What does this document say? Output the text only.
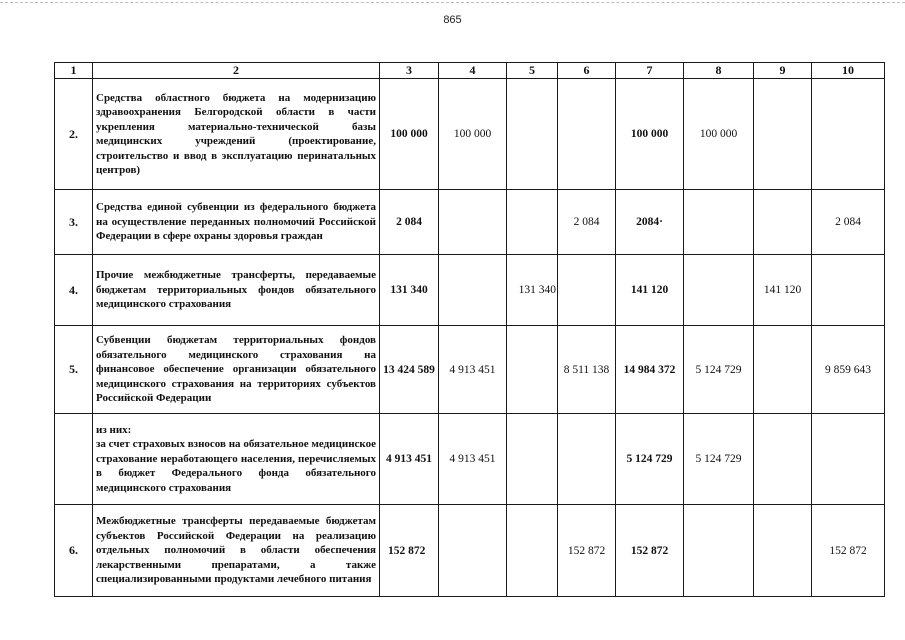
865
1	2	3	4	5	6	7	8	9	10
2.	Средства областного бюджета на модернизацию здравоохранения Белгородской области в части укрепления материально-технической базы медицинских учреждений (проектирование, строительство и ввод в эксплуатацию перинатальных центров)	100 000	100 000			100 000	100 000		
3.	Средства единой субвенции из федерального бюджета на осуществление переданных полномочий Российской Федерации в сфере охраны здоровья граждан	2 084			2 084	2084·			2 084
4.	Прочие межбюджетные трансферты, передаваемые бюджетам территориальных фондов обязательного медицинского страхования	131 340		131 340		141 120		141 120	
5.	Субвенции бюджетам территориальных фондов обязательного медицинского страхования на финансовое обеспечение организации обязательного медицинского страхования на территориях субъектов Российской Федерации	13 424 589	4 913 451		8 511 138	14 984 372	5 124 729		9 859 643

	из них:
за счет страховых взносов на обязательное медицинское страхование неработающего населения, перечисляемых в бюджет Федерального фонда обязательного медицинского страхования	4 913 451	4 913 451			5 124 729	5 124 729		
6.	Межбюджетные трансферты передаваемые бюджетам субъектов Российской Федерации на реализацию отдельных полномочий в области обеспечения лекарственными препаратами, а также специализированными продуктами лечебного питания	152 872			152 872	152 872			152 872
